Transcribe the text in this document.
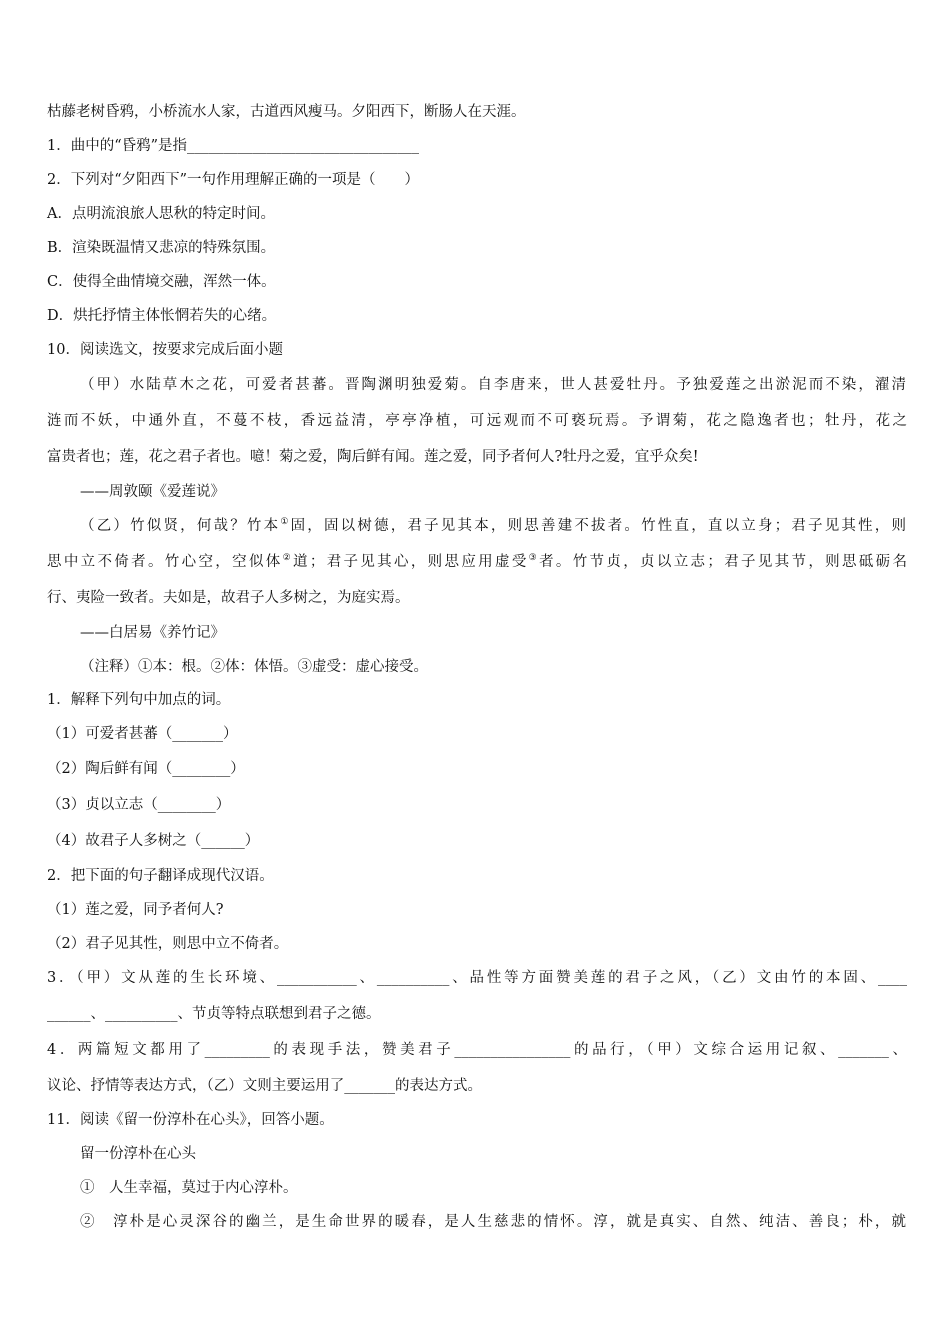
枯藤老树昏鸦，小桥流水人家，古道西风瘦马。夕阳西下，断肠人在天涯。
1．曲中的“昏鸦”是指________________________________
2．下列对“夕阳西下”一句作用理解正确的一项是（　　）
A．点明流浪旅人思秋的特定时间。
B．渲染既温情又悲凉的特殊氛围。
C．使得全曲情境交融，浑然一体。
D．烘托抒情主体怅惘若失的心绪。
10．阅读选文，按要求完成后面小题
（甲）水陆草木之花，可爱者甚蕃。晋陶渊明独爱菊。自李唐来，世人甚爱牡丹。予独爱莲之出淤泥而不染，濯清
涟而不妖，中通外直，不蔓不枝，香远益清，亭亭净植，可远观而不可亵玩焉。予谓菊，花之隐逸者也；牡丹，花之
富贵者也；莲，花之君子者也。噫！菊之爱，陶后鲜有闻。莲之爱，同予者何人?牡丹之爱，宜乎众矣!
——周敦颐《爱莲说》
（乙）竹似贤，何哉？竹本①固，固以树德，君子见其本，则思善建不拔者。竹性直，直以立身；君子见其性，则
思中立不倚者。竹心空，空似体②道；君子见其心，则思应用虚受③者。竹节贞，贞以立志；君子见其节，则思砥砺名
行、夷险一致者。夫如是，故君子人多树之，为庭实焉。
——白居易《养竹记》
（注释）①本：根。②体：体悟。③虚受：虚心接受。
1．解释下列句中加点的词。
（1）可爱者甚蕃（_______）
（2）陶后鲜有闻（________）
（3）贞以立志（________）
（4）故君子人多树之（______）
2．把下面的句子翻译成现代汉语。
（1）莲之爱，同予者何人?
（2）君子见其性，则思中立不倚者。
3．（甲）文从莲的生长环境、___________、__________、品性等方面赞美莲的君子之风，（乙）文由竹的本固、____
______、__________、节贞等特点联想到君子之德。
4．两篇短文都用了_________的表现手法，赞美君子________________的品行，（甲）文综合运用记叙、_______、
议论、抒情等表达方式，（乙）文则主要运用了_______的表达方式。
11．阅读《留一份淳朴在心头》，回答小题。
留一份淳朴在心头
①　人生幸福，莫过于内心淳朴。
②　淳朴是心灵深谷的幽兰，是生命世界的暖春，是人生慈悲的情怀。淳，就是真实、自然、纯洁、善良；朴，就
